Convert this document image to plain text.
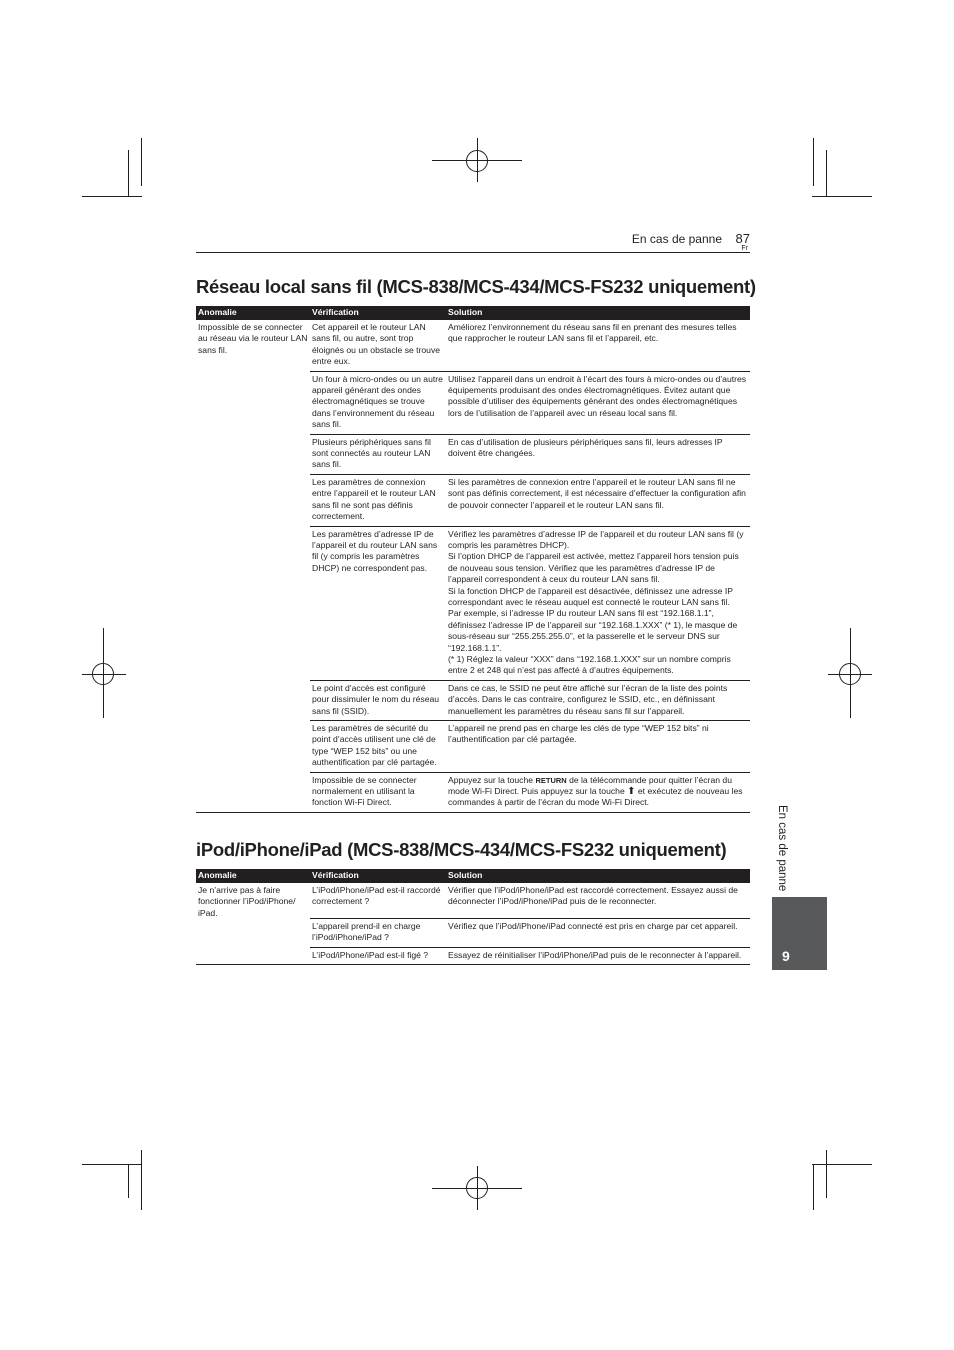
En cas de panne 87
Fr
Réseau local sans fil (MCS-838/MCS-434/MCS-FS232 uniquement)
Anomalie	Vérification	Solution
Impossible de se connecter au réseau via le routeur LAN sans fil.	Cet appareil et le routeur LAN sans fil, ou autre, sont trop éloignés ou un obstacle se trouve entre eux.	Améliorez l’environnement du réseau sans fil en prenant des mesures telles que rapprocher le routeur LAN sans fil et l’appareil, etc.
	Un four à micro-ondes ou un autre appareil générant des ondes électromagnétiques se trouve dans l’environnement du réseau sans fil.	Utilisez l’appareil dans un endroit à l’écart des fours à micro-ondes ou d’autres équipements produisant des ondes électromagnétiques. Évitez autant que possible d’utiliser des équipements générant des ondes électromagnétiques lors de l’utilisation de l’appareil avec un réseau local sans fil.
	Plusieurs périphériques sans fil sont connectés au routeur LAN sans fil.	En cas d’utilisation de plusieurs périphériques sans fil, leurs adresses IP doivent être changées.
	Les paramètres de connexion entre l’appareil et le routeur LAN sans fil ne sont pas définis correctement.	Si les paramètres de connexion entre l’appareil et le routeur LAN sans fil ne sont pas définis correctement, il est nécessaire d’effectuer la configuration afin de pouvoir connecter l’appareil et le routeur LAN sans fil.
	Les paramètres d’adresse IP de l’appareil et du routeur LAN sans fil (y compris les paramètres DHCP) ne correspondent pas.	Vérifiez les paramètres d’adresse IP de l’appareil et du routeur LAN sans fil (y compris les paramètres DHCP).
Si l’option DHCP de l’appareil est activée, mettez l’appareil hors tension puis de nouveau sous tension. Vérifiez que les paramètres d’adresse IP de l’appareil correspondent à ceux du routeur LAN sans fil.
Si la fonction DHCP de l’appareil est désactivée, définissez une adresse IP correspondant avec le réseau auquel est connecté le routeur LAN sans fil.
Par exemple, si l’adresse IP du routeur LAN sans fil est “192.168.1.1”, définissez l’adresse IP de l’appareil sur “192.168.1.XXX” (* 1), le masque de sous-réseau sur “255.255.255.0”, et la passerelle et le serveur DNS sur “192.168.1.1”.
(* 1) Réglez la valeur “XXX” dans “192.168.1.XXX” sur un nombre compris entre 2 et 248 qui n’est pas affecté à d’autres équipements.

	Le point d’accès est configuré pour dissimuler le nom du réseau sans fil (SSID).	Dans ce cas, le SSID ne peut être affiché sur l’écran de la liste des points d’accès. Dans le cas contraire, configurez le SSID, etc., en définissant manuellement les paramètres du réseau sans fil sur l’appareil.
	Les paramètres de sécurité du point d’accès utilisent une clé de type “WEP 152 bits” ou une authentification par clé partagée.	L’appareil ne prend pas en charge les clés de type “WEP 152 bits” ni l’authentification par clé partagée.
	Impossible de se connecter normalement en utilisant la fonction Wi-Fi Direct.	Appuyez sur la touche RETURN de la télécommande pour quitter l’écran du mode Wi-Fi Direct. Puis appuyez sur la touche ⬆ et exécutez de nouveau les commandes à partir de l’écran du mode Wi-Fi Direct.
iPod/iPhone/iPad (MCS-838/MCS-434/MCS-FS232 uniquement)
Anomalie	Vérification	Solution
Je n’arrive pas à faire fonctionner l’iPod/iPhone/ iPad.	L’iPod/iPhone/iPad est-il raccordé correctement ?	Vérifier que l’iPod/iPhone/iPad est raccordé correctement. Essayez aussi de déconnecter l’iPod/iPhone/iPad puis de le reconnecter.
	L’appareil prend-il en charge l’iPod/iPhone/iPad ?	Vérifiez que l’iPod/iPhone/iPad connecté est pris en charge par cet appareil.
	L’iPod/iPhone/iPad est-il figé ?	Essayez de réinitialiser l’iPod/iPhone/iPad puis de le reconnecter à l’appareil.
En cas de panne
9
